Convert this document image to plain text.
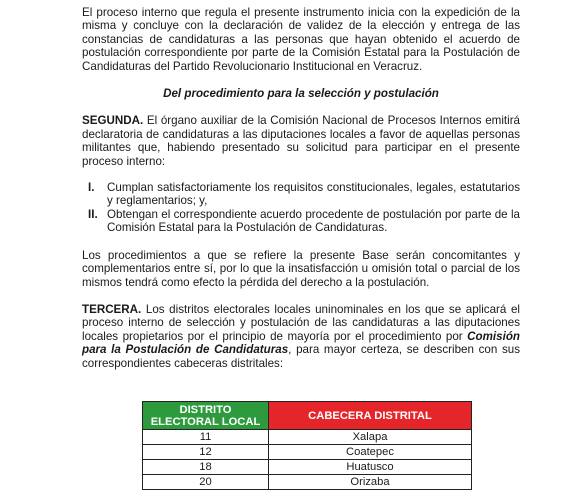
El proceso interno que regula el presente instrumento inicia con la expedición de la misma y concluye con la declaración de validez de la elección y entrega de las constancias de candidaturas a las personas que hayan obtenido el acuerdo de postulación correspondiente por parte de la Comisión Estatal para la Postulación de Candidaturas del Partido Revolucionario Institucional en Veracruz.

Del procedimiento para la selección y postulación

SEGUNDA. El órgano auxiliar de la Comisión Nacional de Procesos Internos emitirá declaratoria de candidaturas a las diputaciones locales a favor de aquellas personas militantes que, habiendo presentado su solicitud para participar en el presente proceso interno:

I. Cumplan satisfactoriamente los requisitos constitucionales, legales, estatutarios y reglamentarios; y,
II. Obtengan el correspondiente acuerdo procedente de postulación por parte de la Comisión Estatal para la Postulación de Candidaturas.

Los procedimientos a que se refiere la presente Base serán concomitantes y complementarios entre sí, por lo que la insatisfacción u omisión total o parcial de los mismos tendrá como efecto la pérdida del derecho a la postulación.

TERCERA. Los distritos electorales locales uninominales en los que se aplicará el proceso interno de selección y postulación de las candidaturas a las diputaciones locales propietarios por el principio de mayoría por el procedimiento por Comisión para la Postulación de Candidaturas, para mayor certeza, se describen con sus correspondientes cabeceras distritales:

DISTRITO
ELECTORAL LOCAL	CABECERA DISTRITAL
11	Xalapa
12	Coatepec
18	Huatusco
20	Orizaba
